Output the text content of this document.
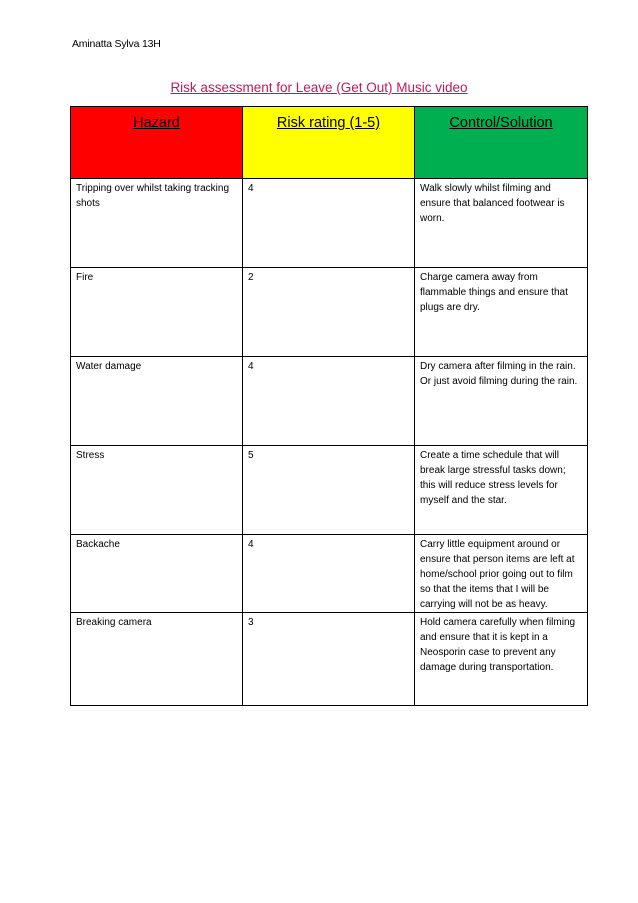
Aminatta Sylva 13H
Risk assessment for Leave (Get Out) Music video
Hazard	Risk rating (1-5)	Control/Solution
Tripping over whilst taking tracking shots	4	Walk slowly whilst filming and ensure that balanced footwear is worn.
Fire	2	Charge camera away from flammable things and ensure that plugs are dry.
Water damage	4	Dry camera after filming in the rain. Or just avoid filming during the rain.
Stress	5	Create a time schedule that will break large stressful tasks down; this will reduce stress levels for myself and the star.
Backache	4	Carry little equipment around or ensure that person items are left at home/school prior going out to film so that the items that I will be carrying will not be as heavy.
Breaking camera	3	Hold camera carefully when filming and ensure that it is kept in a Neosporin case to prevent any damage during transportation.
